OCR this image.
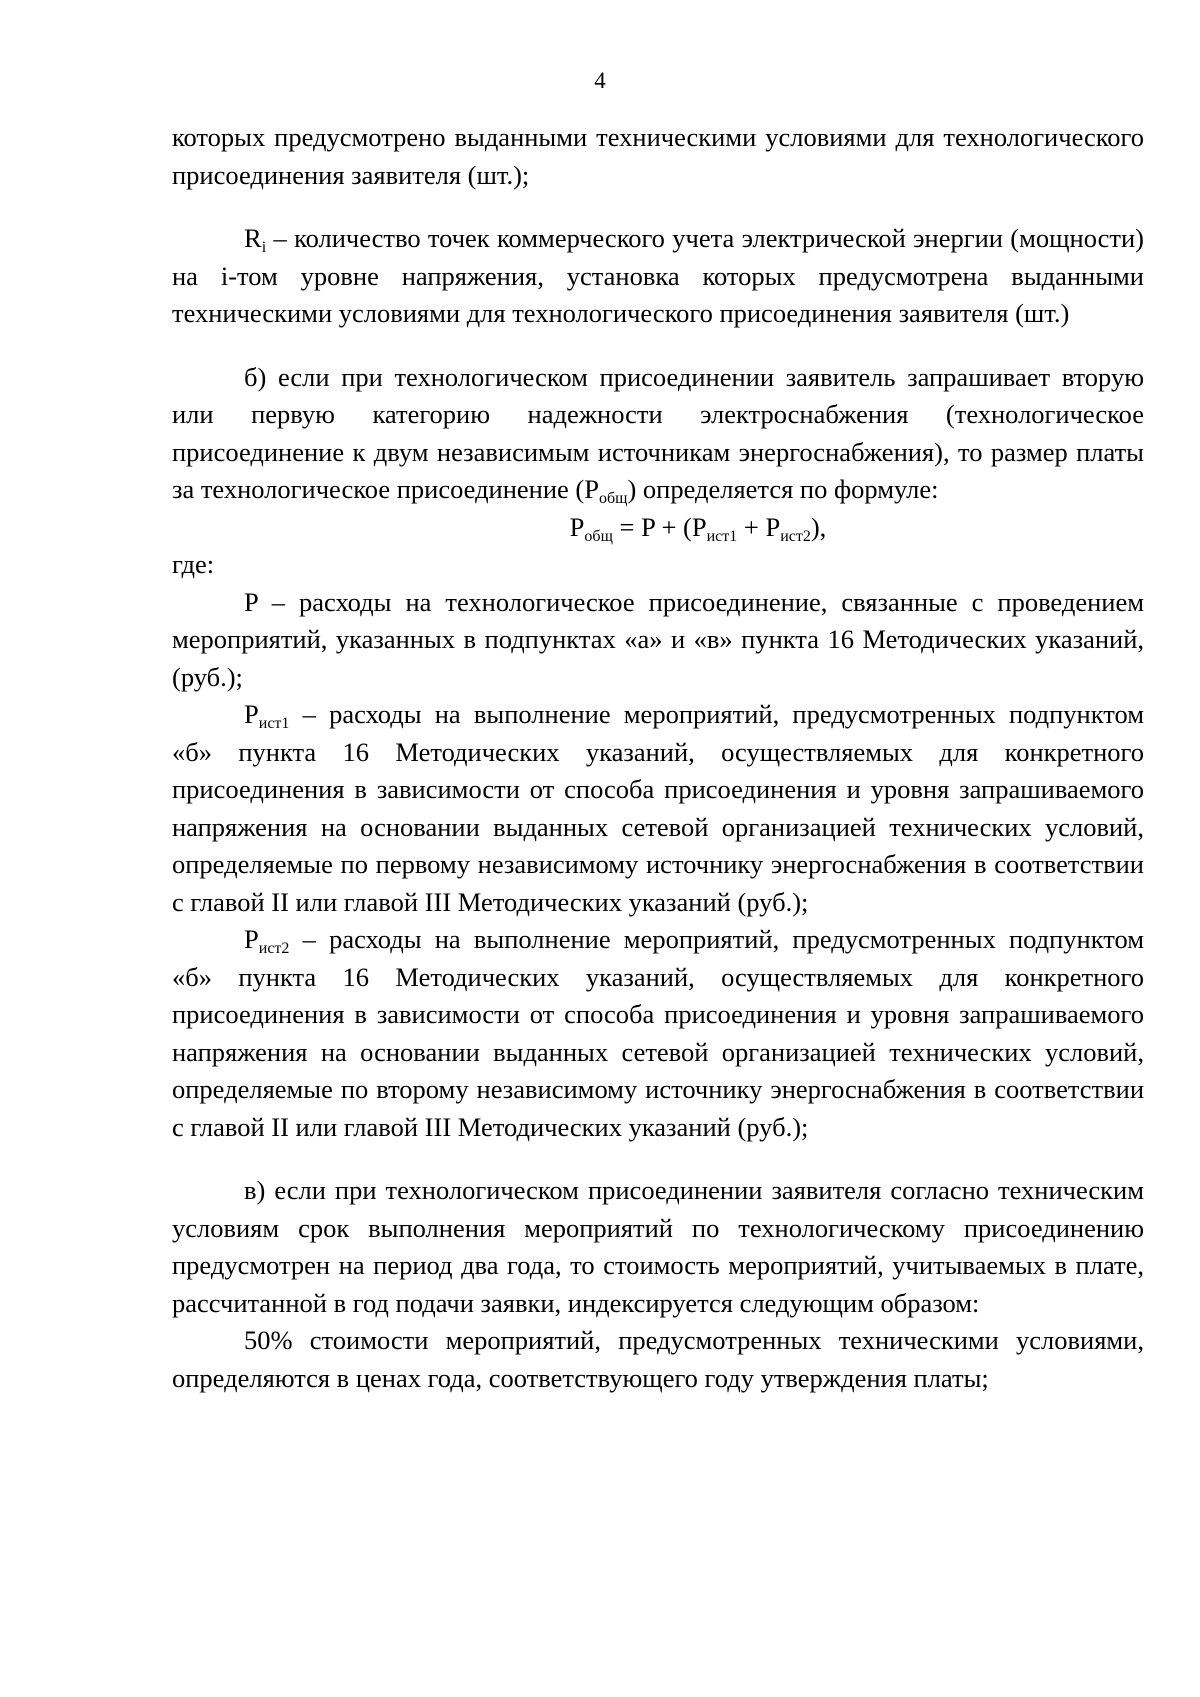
4

которых предусмотрено выданными техническими условиями для технологического присоединения заявителя (шт.);

$R_i$ – количество точек коммерческого учета электрической энергии (мощности) на i-том уровне напряжения, установка которых предусмотрена выданными техническими условиями для технологического присоединения заявителя (шт.)

б) если при технологическом присоединении заявитель запрашивает вторую или первую категорию надежности электроснабжения (технологическое присоединение к двум независимым источникам энергоснабжения), то размер платы за технологическое присоединение $(P_{общ})$ определяется по формуле:

$P_{общ} = P + (P_{ист1} + P_{ист2})$,

где:

P – расходы на технологическое присоединение, связанные с проведением мероприятий, указанных в подпунктах «а» и «в» пункта 16 Методических указаний, (руб.);

$P_{ист1}$ – расходы на выполнение мероприятий, предусмотренных подпунктом «б» пункта 16 Методических указаний, осуществляемых для конкретного присоединения в зависимости от способа присоединения и уровня запрашиваемого напряжения на основании выданных сетевой организацией технических условий, определяемые по первому независимому источнику энергоснабжения в соответствии с главой II или главой III Методических указаний (руб.);

$P_{ист2}$ – расходы на выполнение мероприятий, предусмотренных подпунктом «б» пункта 16 Методических указаний, осуществляемых для конкретного присоединения в зависимости от способа присоединения и уровня запрашиваемого напряжения на основании выданных сетевой организацией технических условий, определяемые по второму независимому источнику энергоснабжения в соответствии с главой II или главой III Методических указаний (руб.);

в) если при технологическом присоединении заявителя согласно техническим условиям срок выполнения мероприятий по технологическому присоединению предусмотрен на период два года, то стоимость мероприятий, учитываемых в плате, рассчитанной в год подачи заявки, индексируется следующим образом:

50% стоимости мероприятий, предусмотренных техническими условиями, определяются в ценах года, соответствующего году утверждения платы;
